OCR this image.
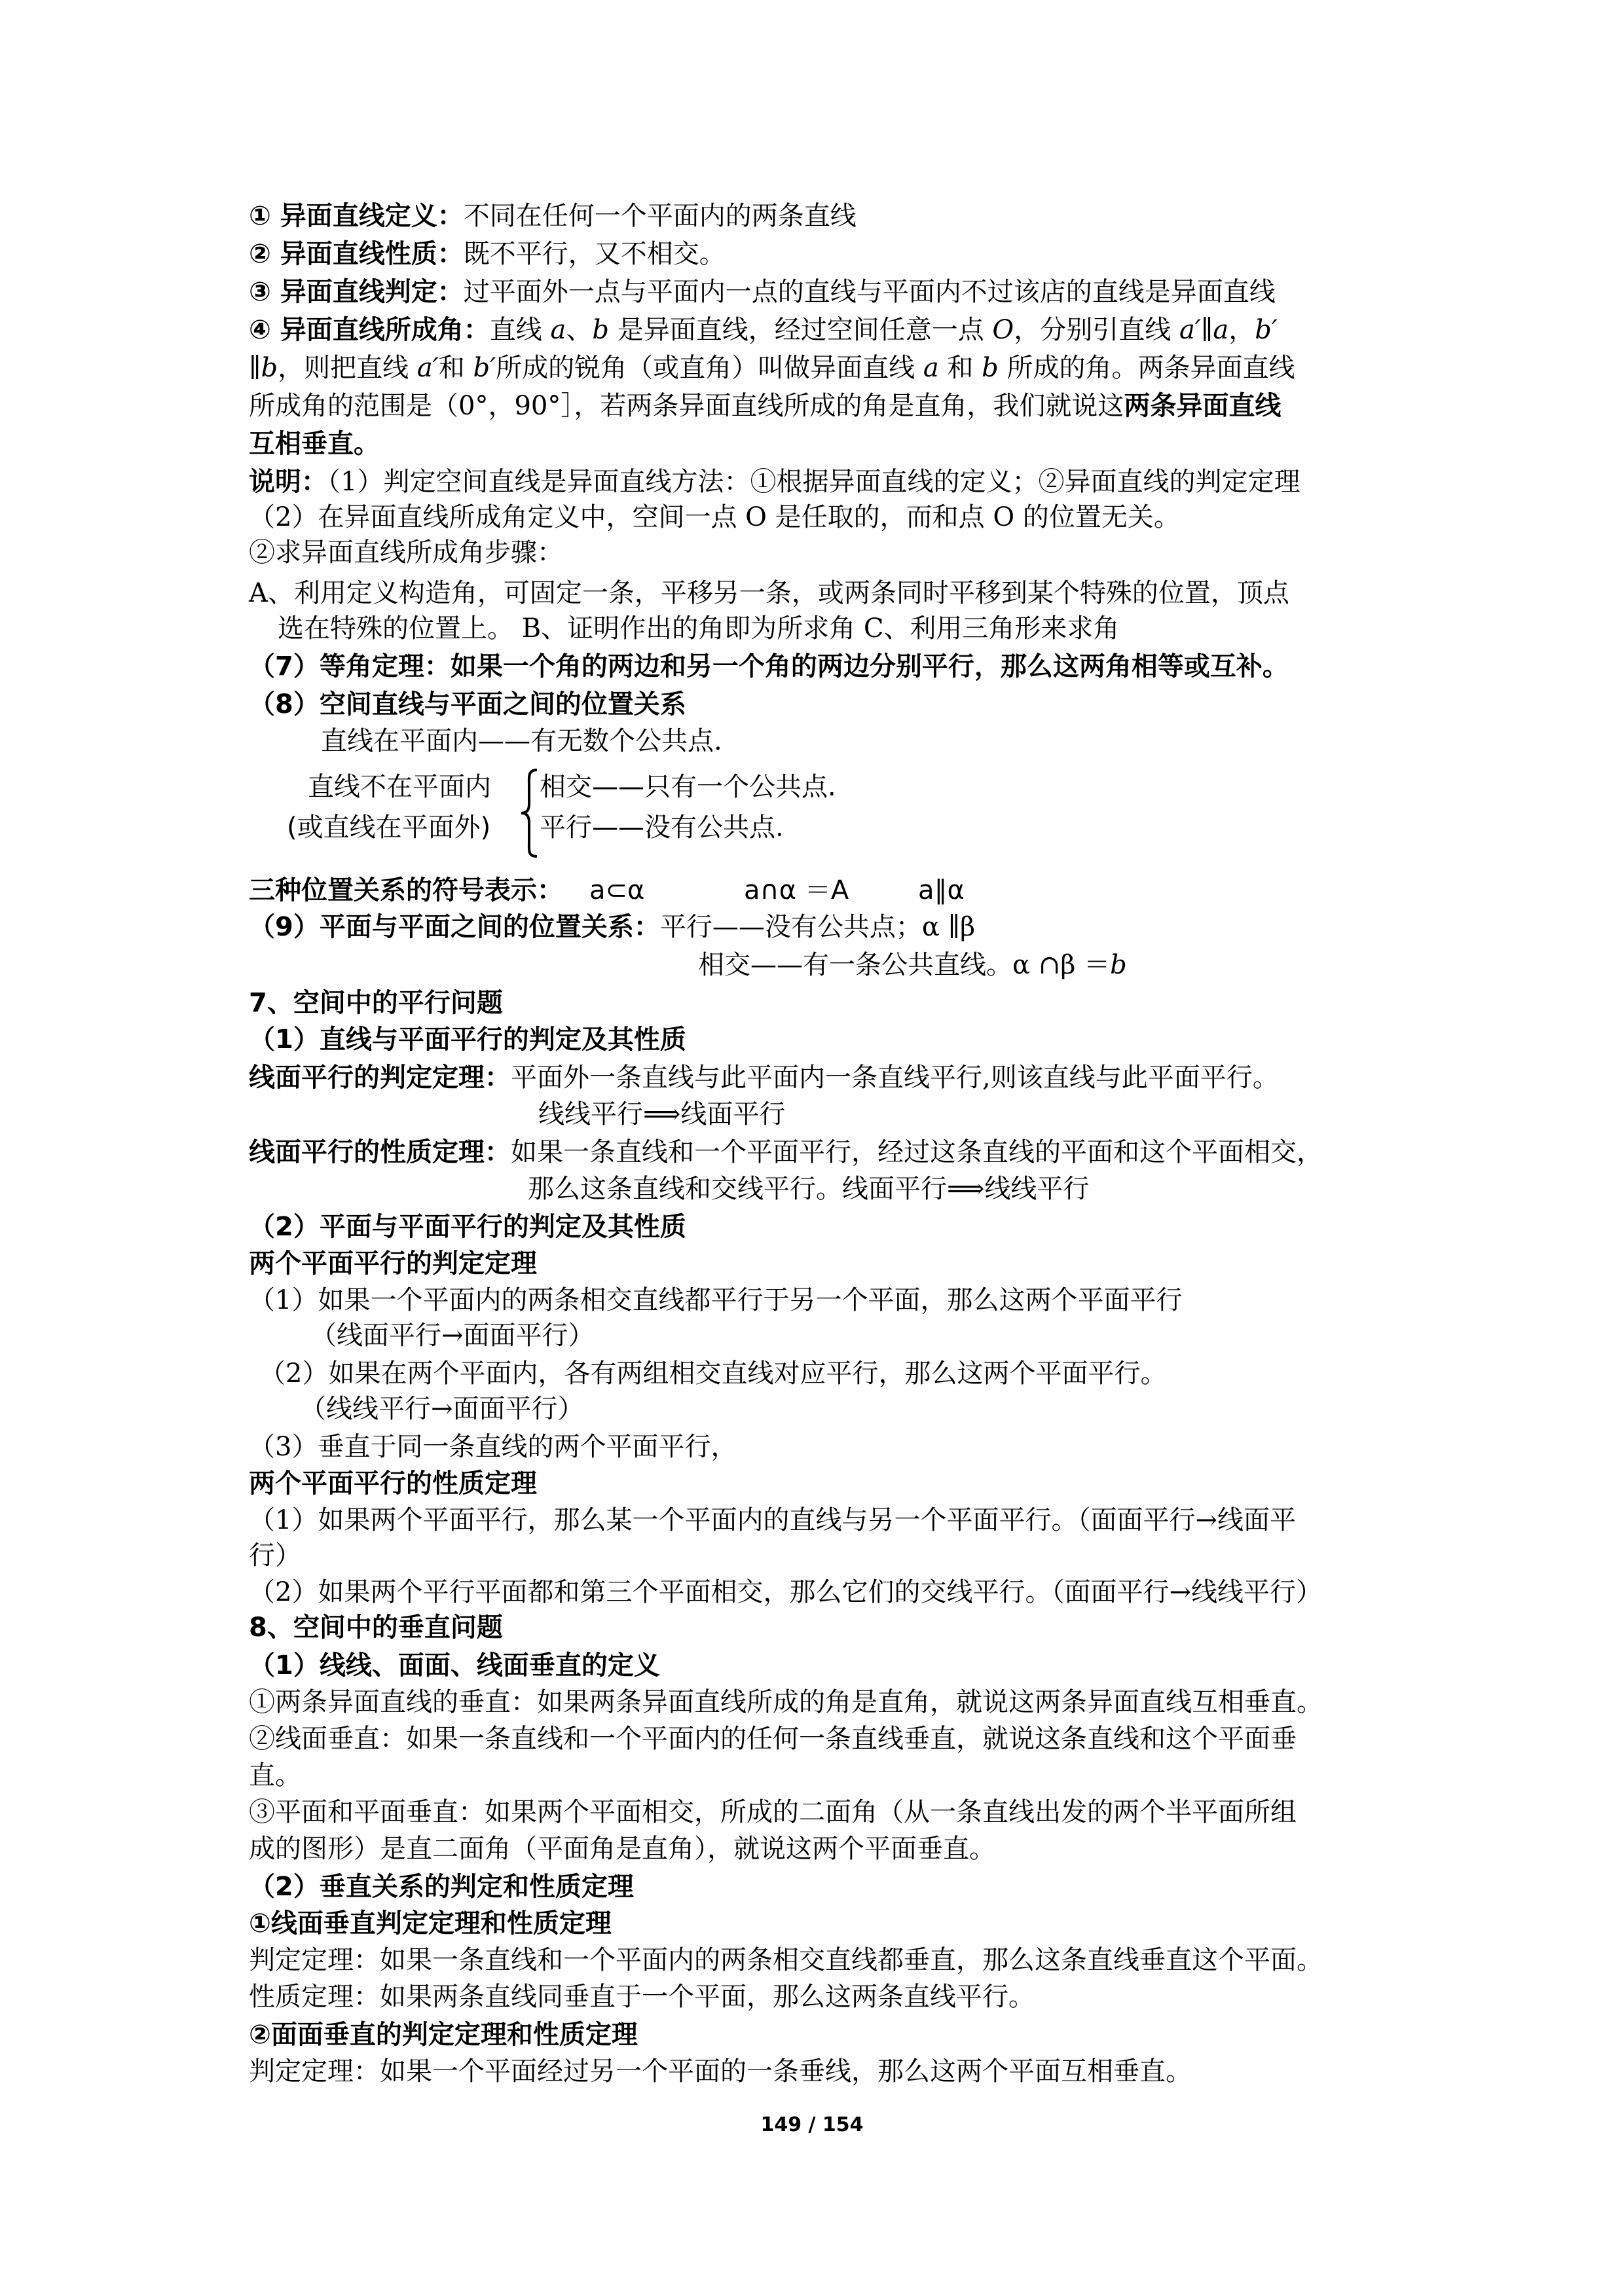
① 异面直线定义：不同在任何一个平面内的两条直线
② 异面直线性质：既不平行，又不相交。
③ 异面直线判定：过平面外一点与平面内一点的直线与平面内不过该店的直线是异面直线
④ 异面直线所成角：直线 a、b 是异面直线，经过空间任意一点 O，分别引直线 a′∥a，b′
∥b，则把直线 a′和 b′所成的锐角（或直角）叫做异面直线 a 和 b 所成的角。两条异面直线
所成角的范围是（0°，90°］，若两条异面直线所成的角是直角，我们就说这两条异面直线
互相垂直。
说明：（1）判定空间直线是异面直线方法：①根据异面直线的定义；②异面直线的判定定理
（2）在异面直线所成角定义中，空间一点 O 是任取的，而和点 O 的位置无关。
②求异面直线所成角步骤：
A、利用定义构造角，可固定一条，平移另一条，或两条同时平移到某个特殊的位置，顶点
选在特殊的位置上。 B、证明作出的角即为所求角 C、利用三角形来求角
（7）等角定理：如果一个角的两边和另一个角的两边分别平行，那么这两角相等或互补。
（8）空间直线与平面之间的位置关系
直线在平面内——有无数个公共点.
直线不在平面内
(或直线在平面外)
相交——只有一个公共点.
平行——没有公共点.
三种位置关系的符号表示： a⊂α	a∩α ＝A	a∥α
（9）平面与平面之间的位置关系：平行——没有公共点；α ∥β
相交——有一条公共直线。α ∩β ＝b
7、空间中的平行问题
（1）直线与平面平行的判定及其性质
线面平行的判定定理：平面外一条直线与此平面内一条直线平行,则该直线与此平面平行。
线线平行⟹线面平行
线面平行的性质定理：如果一条直线和一个平面平行，经过这条直线的平面和这个平面相交，
那么这条直线和交线平行。线面平行⟹线线平行
（2）平面与平面平行的判定及其性质
两个平面平行的判定定理
（1）如果一个平面内的两条相交直线都平行于另一个平面，那么这两个平面平行
（线面平行→面面平行）
（2）如果在两个平面内，各有两组相交直线对应平行，那么这两个平面平行。
（线线平行→面面平行）
（3）垂直于同一条直线的两个平面平行，
两个平面平行的性质定理
（1）如果两个平面平行，那么某一个平面内的直线与另一个平面平行。（面面平行→线面平
行）
（2）如果两个平行平面都和第三个平面相交，那么它们的交线平行。（面面平行→线线平行）
8、空间中的垂直问题
（1）线线、面面、线面垂直的定义
①两条异面直线的垂直：如果两条异面直线所成的角是直角，就说这两条异面直线互相垂直。
②线面垂直：如果一条直线和一个平面内的任何一条直线垂直，就说这条直线和这个平面垂
直。
③平面和平面垂直：如果两个平面相交，所成的二面角（从一条直线出发的两个半平面所组
成的图形）是直二面角（平面角是直角），就说这两个平面垂直。
（2）垂直关系的判定和性质定理
①线面垂直判定定理和性质定理
判定定理：如果一条直线和一个平面内的两条相交直线都垂直，那么这条直线垂直这个平面。
性质定理：如果两条直线同垂直于一个平面，那么这两条直线平行。
②面面垂直的判定定理和性质定理
判定定理：如果一个平面经过另一个平面的一条垂线，那么这两个平面互相垂直。
149 / 154
